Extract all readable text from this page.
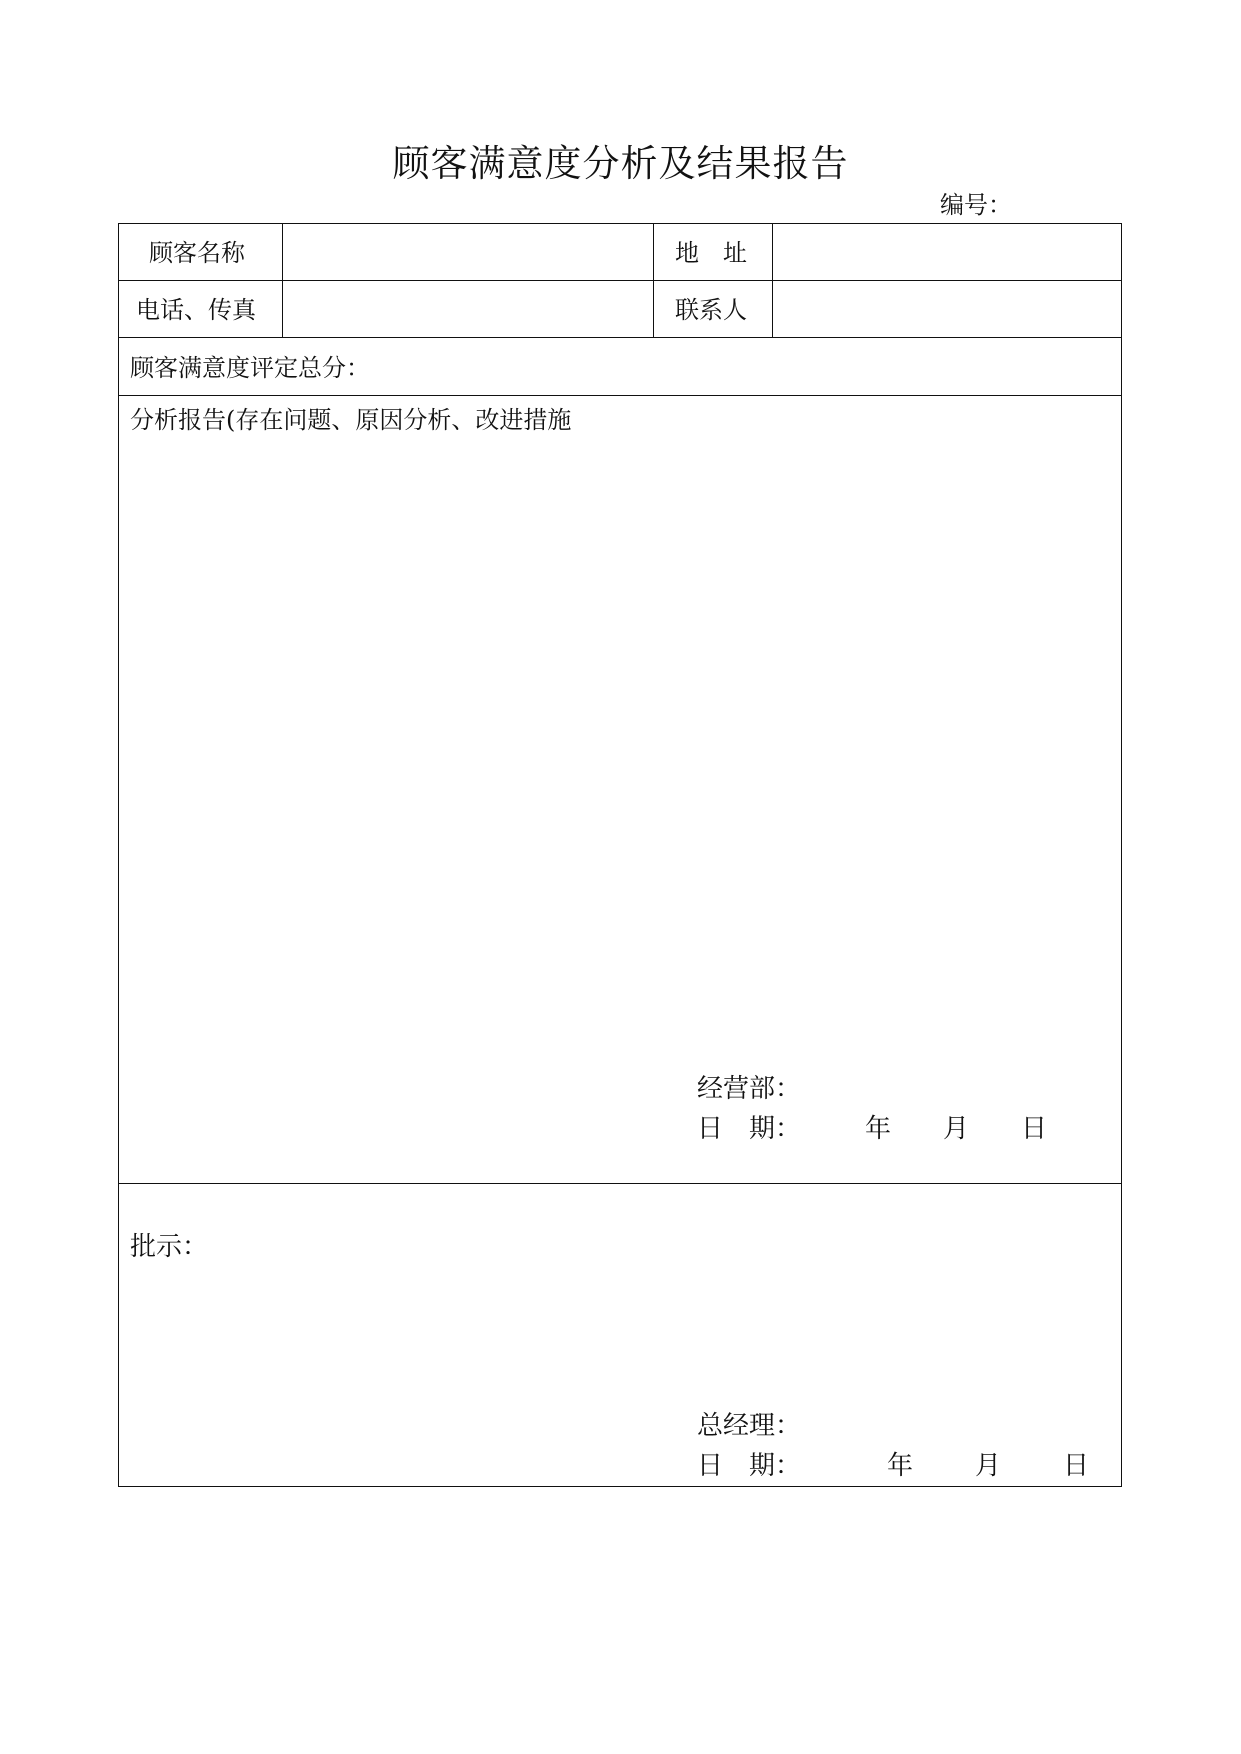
顾客满意度分析及结果报告
编号：
顾客名称	地　址
电话、传真	联系人
顾客满意度评定总分：
分析报告(存在问题、原因分析、改进措施
经营部：
日　期： 年 月 日
批示：
总经理：
日　期：	年 月 日
